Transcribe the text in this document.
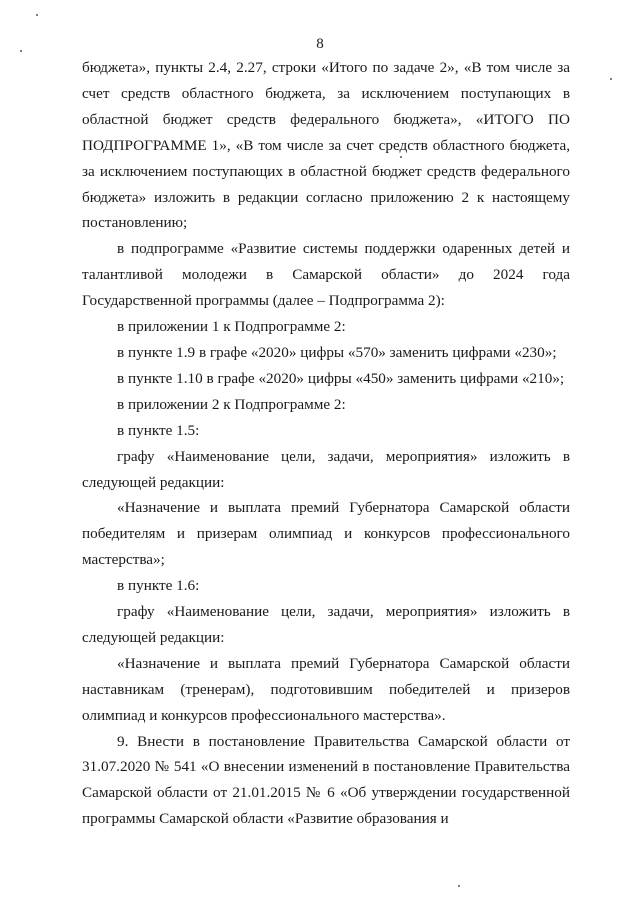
8

бюджета», пункты 2.4, 2.27, строки «Итого по задаче 2», «В том числе за счет средств областного бюджета, за исключением поступающих в областной бюджет средств федерального бюджета», «ИТОГО ПО ПОДПРОГРАММЕ 1», «В том числе за счет средств областного бюджета, за исключением поступающих в областной бюджет средств федерального бюджета» изложить в редакции согласно приложению 2 к настоящему постановлению;

в подпрограмме «Развитие системы поддержки одаренных детей и талантливой молодежи в Самарской области» до 2024 года Государственной программы (далее – Подпрограмма 2):

в приложении 1 к Подпрограмме 2:

в пункте 1.9 в графе «2020» цифры «570» заменить цифрами «230»;

в пункте 1.10 в графе «2020» цифры «450» заменить цифрами «210»;

в приложении 2 к Подпрограмме 2:

в пункте 1.5:

графу «Наименование цели, задачи, мероприятия» изложить в следующей редакции:

«Назначение и выплата премий Губернатора Самарской области победителям и призерам олимпиад и конкурсов профессионального мастерства»;

в пункте 1.6:

графу «Наименование цели, задачи, мероприятия» изложить в следующей редакции:

«Назначение и выплата премий Губернатора Самарской области наставникам (тренерам), подготовившим победителей и призеров олимпиад и конкурсов профессионального мастерства».

9. Внести в постановление Правительства Самарской области от 31.07.2020 № 541 «О внесении изменений в постановление Правительства Самарской области от 21.01.2015 № 6 «Об утверждении государственной программы Самарской области «Развитие образования и
